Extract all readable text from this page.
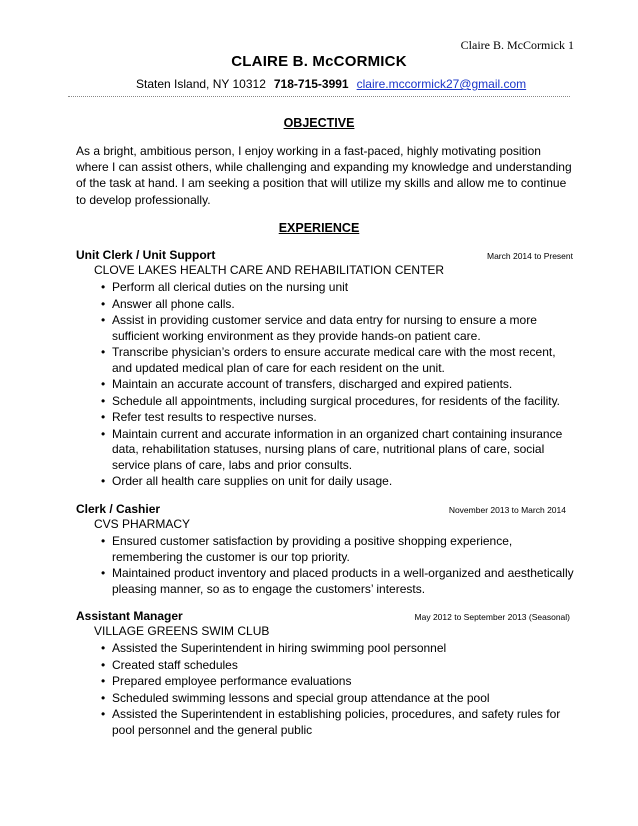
Claire B. McCormick 1
CLAIRE B. McCORMICK
Staten Island, NY 10312 718-715-3991 claire.mccormick27@gmail.com
OBJECTIVE
As a bright, ambitious person, I enjoy working in a fast-paced, highly motivating position where I can assist others, while challenging and expanding my knowledge and understanding of the task at hand. I am seeking a position that will utilize my skills and allow me to continue to develop professionally.
EXPERIENCE
Unit Clerk / Unit Support	March 2014 to Present
CLOVE LAKES HEALTH CARE AND REHABILITATION CENTER
• Perform all clerical duties on the nursing unit
• Answer all phone calls.
• Assist in providing customer service and data entry for nursing to ensure a more sufficient working environment as they provide hands-on patient care.
• Transcribe physician’s orders to ensure accurate medical care with the most recent, and updated medical plan of care for each resident on the unit.
• Maintain an accurate account of transfers, discharged and expired patients.
• Schedule all appointments, including surgical procedures, for residents of the facility.
• Refer test results to respective nurses.
• Maintain current and accurate information in an organized chart containing insurance data, rehabilitation statuses, nursing plans of care, nutritional plans of care, social service plans of care, labs and prior consults.
• Order all health care supplies on unit for daily usage.
Clerk / Cashier	November 2013 to March 2014
CVS PHARMACY
• Ensured customer satisfaction by providing a positive shopping experience, remembering the customer is our top priority.
• Maintained product inventory and placed products in a well-organized and aesthetically pleasing manner, so as to engage the customers’ interests.
Assistant Manager	May 2012 to September 2013 (Seasonal)
VILLAGE GREENS SWIM CLUB
• Assisted the Superintendent in hiring swimming pool personnel
• Created staff schedules
• Prepared employee performance evaluations
• Scheduled swimming lessons and special group attendance at the pool
• Assisted the Superintendent in establishing policies, procedures, and safety rules for pool personnel and the general public
